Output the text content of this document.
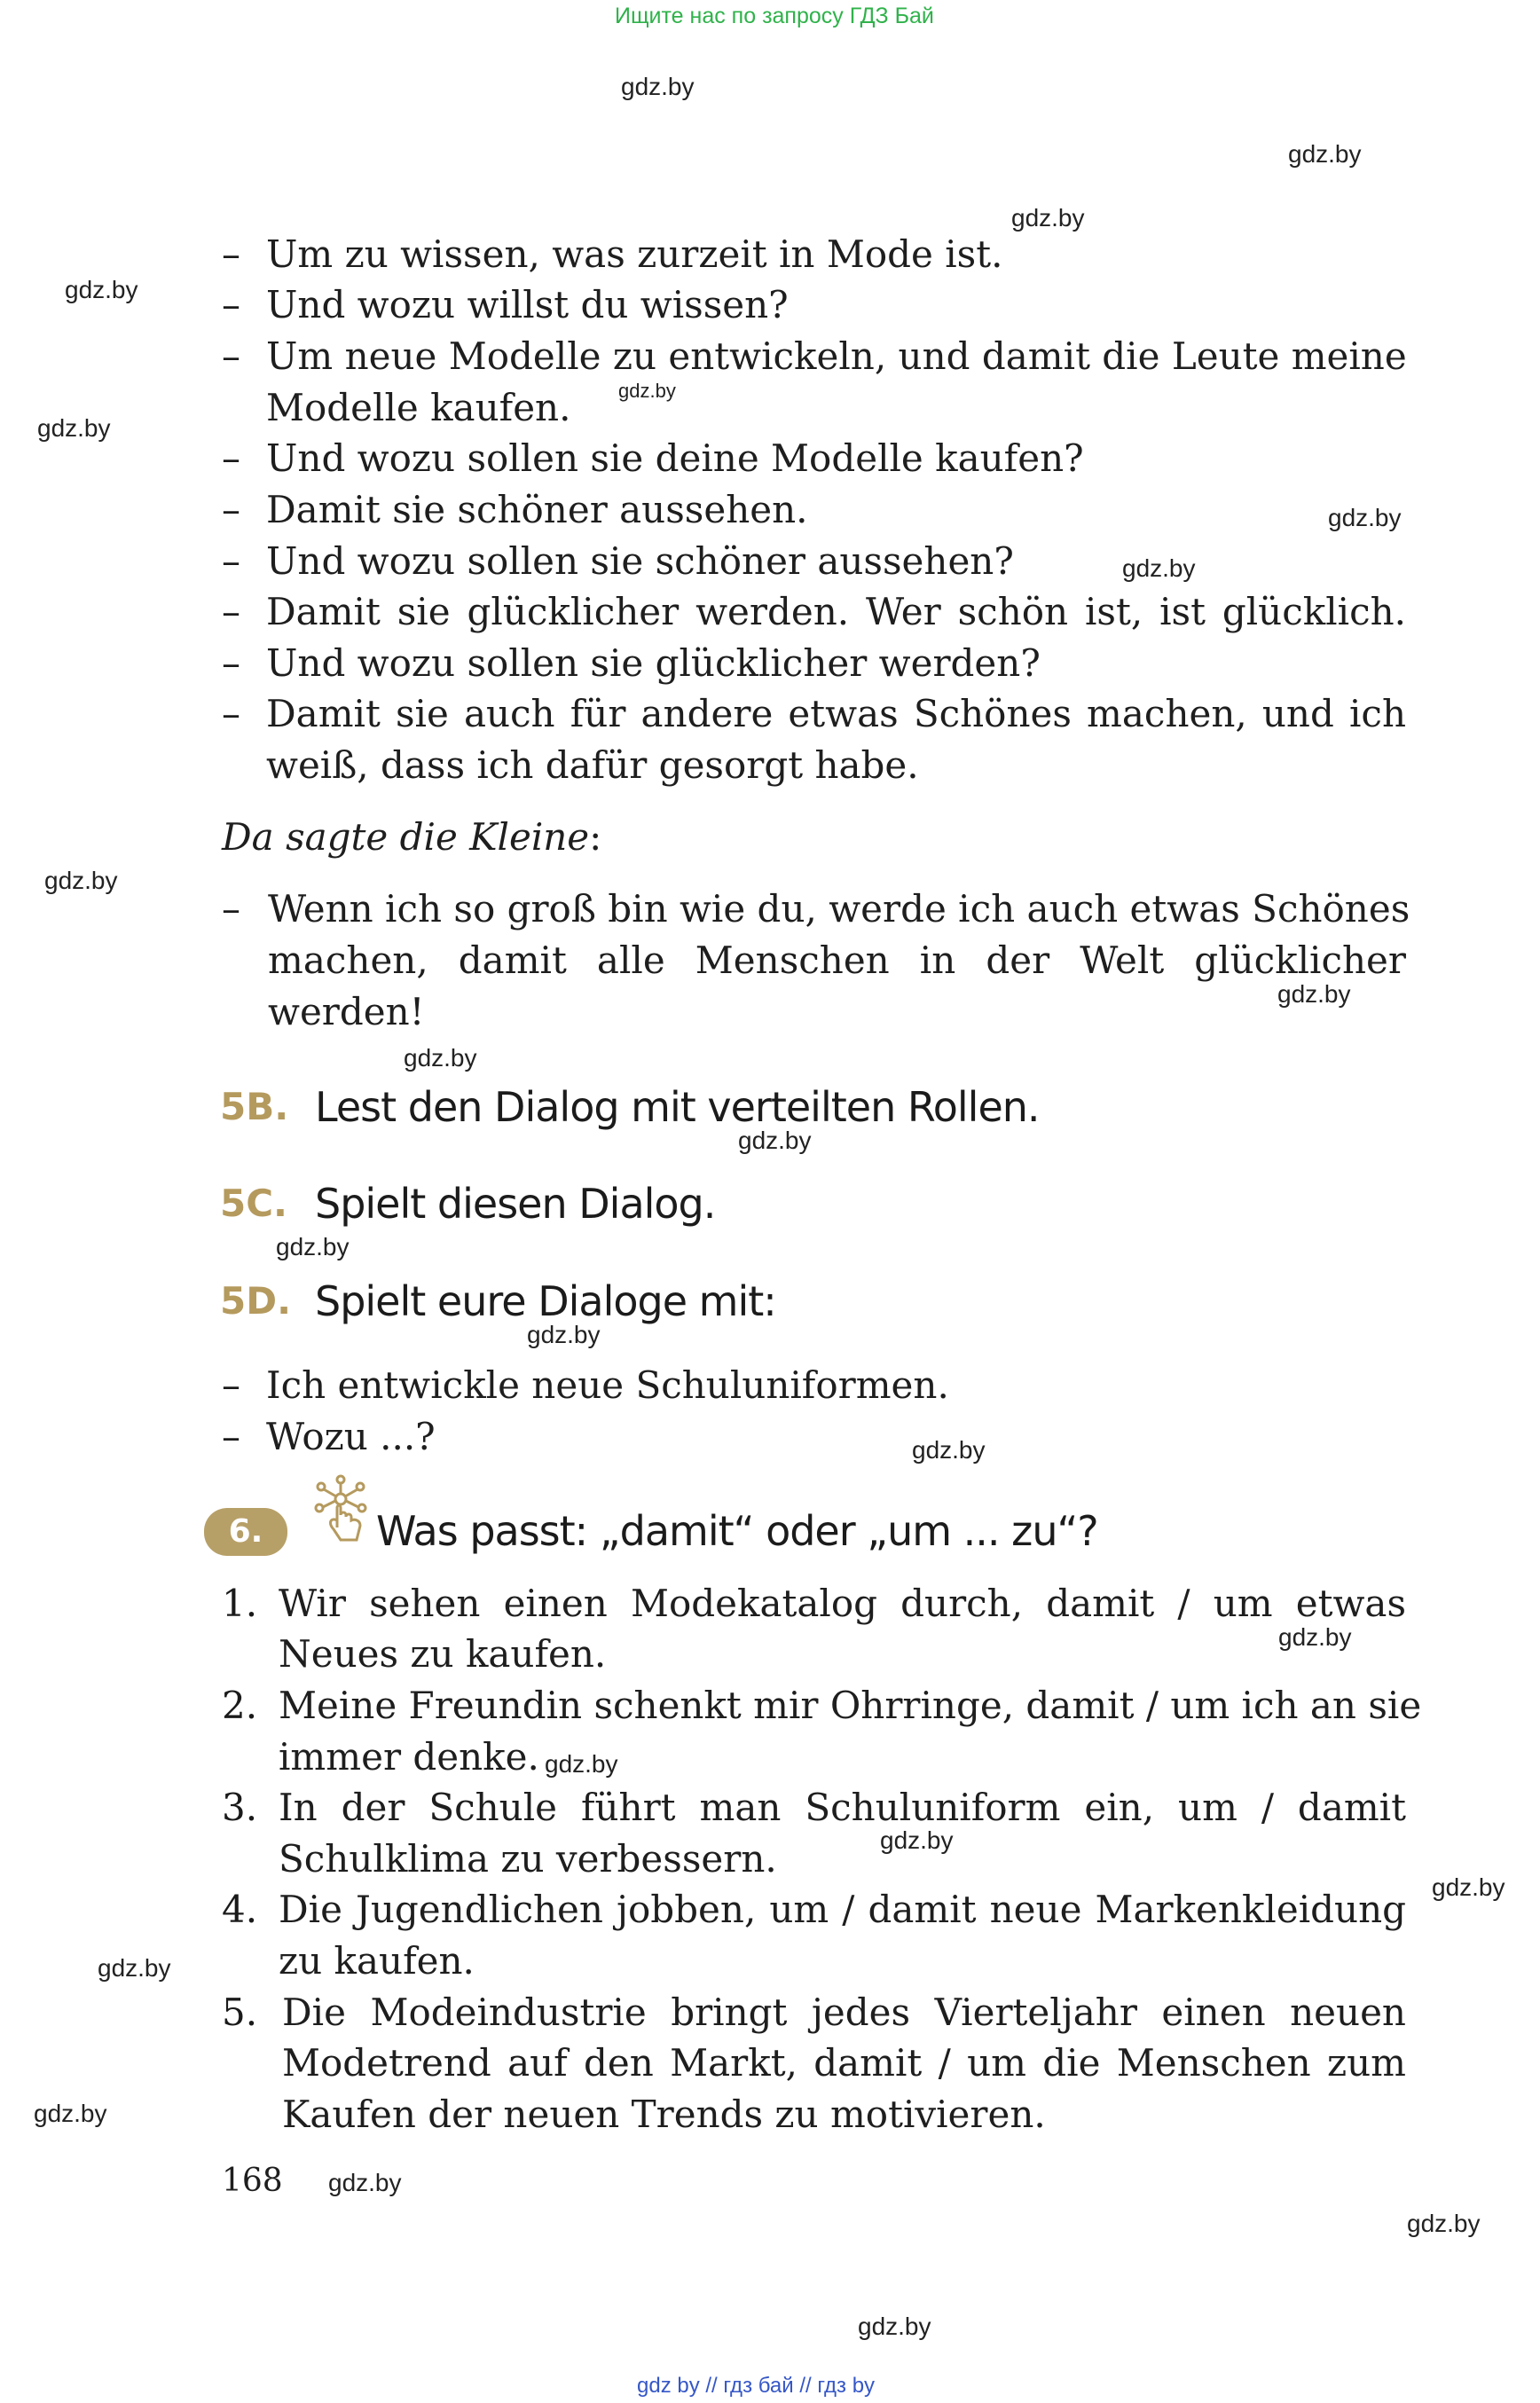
Ищите нас по запросу ГДЗ Бай
gdz.by
gdz.by
gdz.by
gdz.by
gdz.by
gdz.by
gdz.by
gdz.by
gdz.by
gdz.by
gdz.by
gdz.by
gdz.by
gdz.by
gdz.by
gdz.by
gdz.by
gdz.by
gdz.by
gdz.by
gdz.by
gdz.by
gdz.by
gdz.by
– Um zu wissen, was zurzeit in Mode ist.
– Und wozu willst du wissen?
– Um neue Modelle zu entwickeln, und damit die Leute meine
Modelle kaufen.
– Und wozu sollen sie deine Modelle kaufen?
– Damit sie schöner aussehen.
– Und wozu sollen sie schöner aussehen?
– Damit sie glücklicher werden. Wer schön ist, ist glücklich.
– Und wozu sollen sie glücklicher werden?
– Damit sie auch für andere etwas Schönes machen, und ich
weiß, dass ich dafür gesorgt habe.
Da sagte die Kleine:
– Wenn ich so groß bin wie du, werde ich auch etwas Schönes
machen, damit alle Menschen in der Welt glücklicher
werden!
5B. Lest den Dialog mit verteilten Rollen.
5C. Spielt diesen Dialog.
5D. Spielt eure Dialoge mit:
– Ich entwickle neue Schuluniformen.
– Wozu ...?
6.	Was passt: „damit“ oder „um ... zu“?
1. Wir sehen einen Modekatalog durch, damit / um etwas
Neues zu kaufen.
2. Meine Freundin schenkt mir Ohrringe, damit / um ich an sie
immer denke.
3. In der Schule führt man Schuluniform ein, um / damit
Schulklima zu verbessern.
4. Die Jugendlichen jobben, um / damit neue Markenkleidung
zu kaufen.
5. Die Modeindustrie bringt jedes Vierteljahr einen neuen
Modetrend auf den Markt, damit / um die Menschen zum
Kaufen der neuen Trends zu motivieren.
168
gdz by // гдз бай // гдз by
